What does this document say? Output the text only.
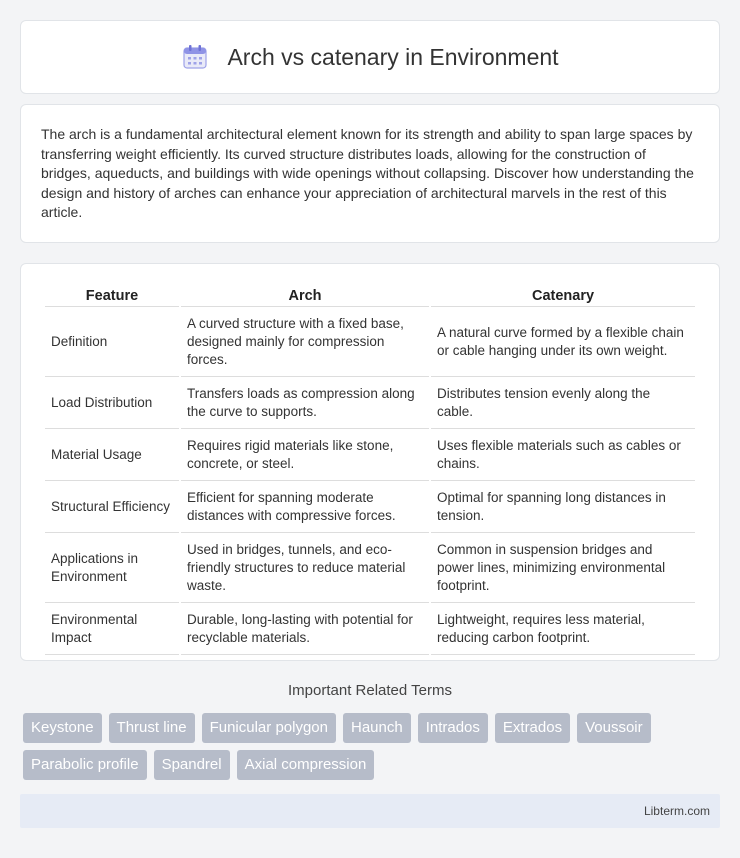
Arch vs catenary in Environment

The arch is a fundamental architectural element known for its strength and ability to span large spaces by transferring weight efficiently. Its curved structure distributes loads, allowing for the construction of bridges, aqueducts, and buildings with wide openings without collapsing. Discover how understanding the design and history of arches can enhance your appreciation of architectural marvels in the rest of this article.

Feature	Arch	Catenary
Definition	A curved structure with a fixed base, designed mainly for compression forces.	A natural curve formed by a flexible chain or cable hanging under its own weight.
Load Distribution	Transfers loads as compression along the curve to supports.	Distributes tension evenly along the cable.
Material Usage	Requires rigid materials like stone, concrete, or steel.	Uses flexible materials such as cables or chains.
Structural Efficiency	Efficient for spanning moderate distances with compressive forces.	Optimal for spanning long distances in tension.
Applications in Environment	Used in bridges, tunnels, and eco-friendly structures to reduce material waste.	Common in suspension bridges and power lines, minimizing environmental footprint.
Environmental Impact	Durable, long-lasting with potential for recyclable materials.	Lightweight, requires less material, reducing carbon footprint.
Important Related Terms
Keystone	Thrust line	Funicular polygon	Haunch	Intrados	Extrados	Voussoir
Parabolic profile	Spandrel	Axial compression
Libterm.com
